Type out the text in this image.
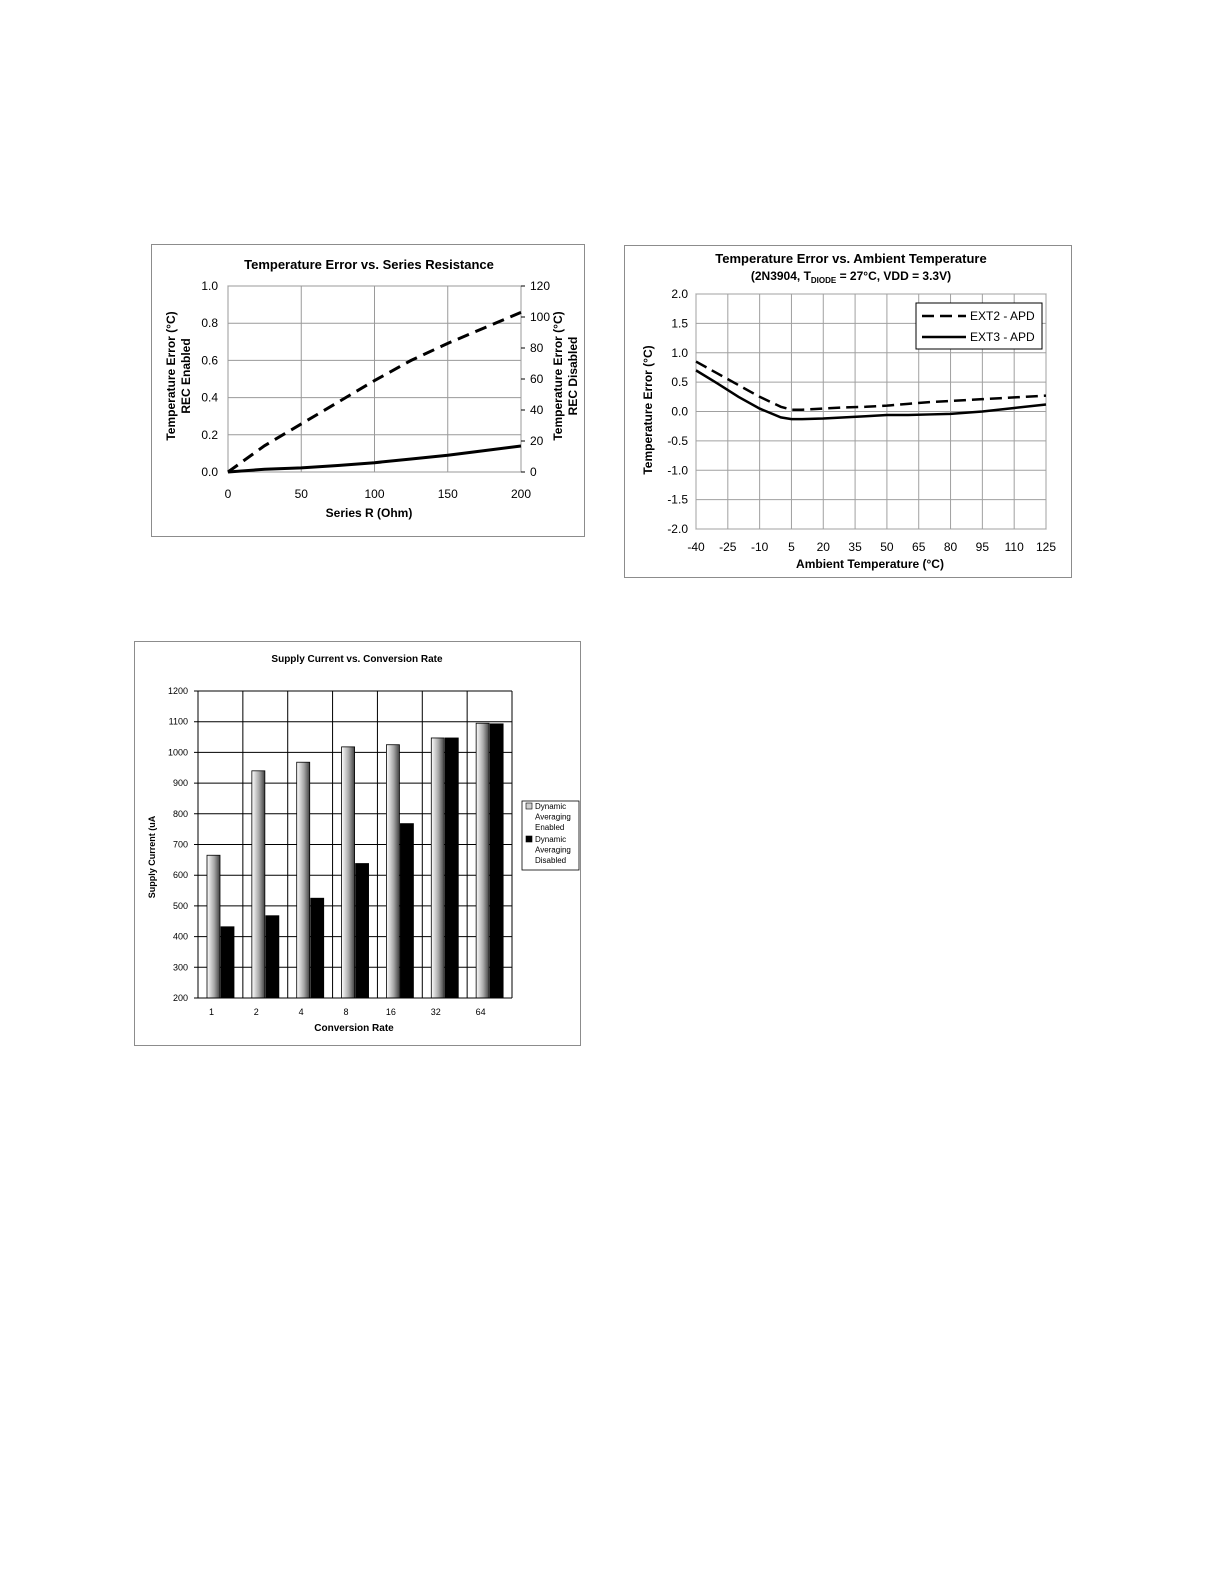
Temperature Error vs. Series Resistance
Series R (Ohm)
Temperature Error (°C) REC Enabled	Temperature Error (°C) REC Disabled
0	50	100	150	200
0.0
0.2
0.4
0.6
0.8
1.0
0
20
40
60
80
100
120
Temperature Error vs. Ambient Temperature
(2N3904, $T_{DIODE} = 27^\circ C$, VDD = 3.3V)
Ambient Temperature (°C)
Temperature Error (°C)
-40 -25 -10 5 20 35 50 65 80 95 110 125
-2.0
-1.5
-1.0
-0.5
0.0
0.5
1.0
1.5
2.0
EXT2 - APD
EXT3 - APD
Supply Current vs. Conversion Rate
Conversion Rate
Supply Current (uA
200
300
400
500
600
700
800
900
1000
1100
1200
1	2	4	8	16	32	64
Dynamic
Averaging
Enabled
Dynamic
Averaging
Disabled
